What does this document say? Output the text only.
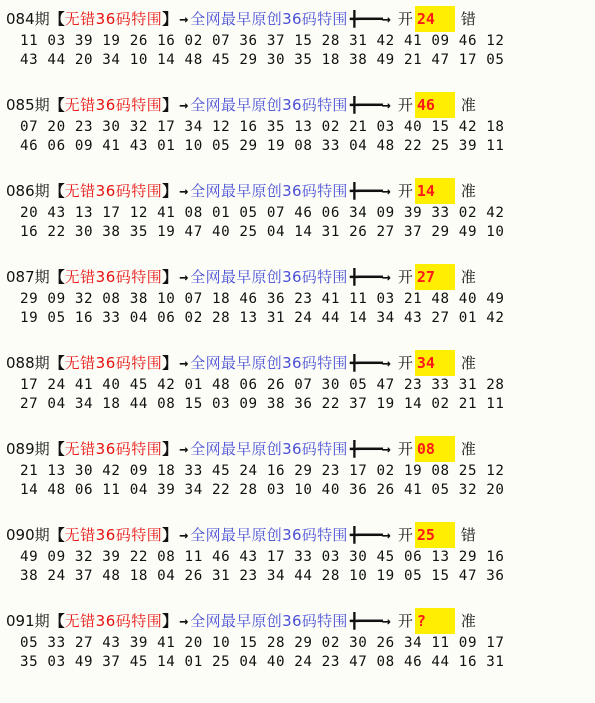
084期 【 无错36码特围 】 → 全网最早原创36码特围 ╋━━━→ 开 24	错
11 03 39 19 26 16 02 07 36 37 15 28 31 42 41 09 46 12
43 44 20 34 10 14 48 45 29 30 35 18 38 49 21 47 17 05
085期 【 无错36码特围 】 → 全网最早原创36码特围 ╋━━━→ 开 46	准
07 20 23 30 32 17 34 12 16 35 13 02 21 03 40 15 42 18
46 06 09 41 43 01 10 05 29 19 08 33 04 48 22 25 39 11
086期 【 无错36码特围 】 → 全网最早原创36码特围 ╋━━━→ 开 14	准
20 43 13 17 12 41 08 01 05 07 46 06 34 09 39 33 02 42
16 22 30 38 35 19 47 40 25 04 14 31 26 27 37 29 49 10
087期 【 无错36码特围 】 → 全网最早原创36码特围 ╋━━━→ 开 27	准
29 09 32 08 38 10 07 18 46 36 23 41 11 03 21 48 40 49
19 05 16 33 04 06 02 28 13 31 24 44 14 34 43 27 01 42
088期 【 无错36码特围 】 → 全网最早原创36码特围 ╋━━━→ 开 34	准
17 24 41 40 45 42 01 48 06 26 07 30 05 47 23 33 31 28
27 04 34 18 44 08 15 03 09 38 36 22 37 19 14 02 21 11
089期 【 无错36码特围 】 → 全网最早原创36码特围 ╋━━━→ 开 08	准
21 13 30 42 09 18 33 45 24 16 29 23 17 02 19 08 25 12
14 48 06 11 04 39 34 22 28 03 10 40 36 26 41 05 32 20
090期 【 无错36码特围 】 → 全网最早原创36码特围 ╋━━━→ 开 25	错
49 09 32 39 22 08 11 46 43 17 33 03 30 45 06 13 29 16
38 24 37 48 18 04 26 31 23 34 44 28 10 19 05 15 47 36
091期 【 无错36码特围 】 → 全网最早原创36码特围 ╋━━━→ 开 ?	准
05 33 27 43 39 41 20 10 15 28 29 02 30 26 34 11 09 17
35 03 49 37 45 14 01 25 04 40 24 23 47 08 46 44 16 31
